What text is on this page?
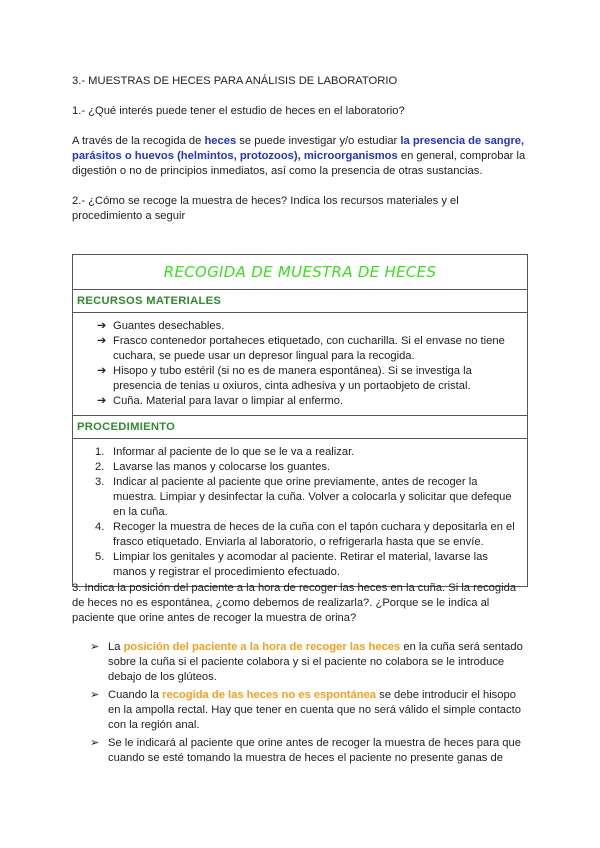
3.- MUESTRAS DE HECES PARA ANÁLISIS DE LABORATORIO

1.- ¿Qué interés puede tener el estudio de heces en el laboratorio?

A través de la recogida de heces se puede investigar y/o estudiar la presencia de sangre, parásitos o huevos (helmintos, protozoos), microorganismos en general, comprobar la digestión o no de principios inmediatos, así como la presencia de otras sustancias.

2.- ¿Cómo se recoge la muestra de heces? Indica los recursos materiales y el procedimiento a seguir

RECOGIDA DE MUESTRA DE HECES
RECURSOS MATERIALES

➔ Guantes desechables.
➔ Frasco contenedor portaheces etiquetado, con cucharilla. Si el envase no tiene cuchara, se puede usar un depresor lingual para la recogida.
➔ Hisopo y tubo estéril (si no es de manera espontánea). Si se investiga la presencia de tenias u oxiuros, cinta adhesiva y un portaobjeto de cristal.
➔ Cuña. Material para lavar o limpiar al enfermo.

PROCEDIMIENTO

1. Informar al paciente de lo que se le va a realizar.
2. Lavarse las manos y colocarse los guantes.
3. Indicar al paciente al paciente que orine previamente, antes de recoger la muestra. Limpiar y desinfectar la cuña. Volver a colocarla y solicitar que defeque en la cuña.
4. Recoger la muestra de heces de la cuña con el tapón cuchara y depositarla en el frasco etiquetado. Enviarla al laboratorio, o refrigerarla hasta que se envíe.
5. Limpiar los genitales y acomodar al paciente. Retirar el material, lavarse las manos y registrar el procedimiento efectuado.

3. Indica la posición del paciente a la hora de recoger las heces en la cuña. Si la recogida de heces no es espontánea, ¿como debemos de realizarla?. ¿Porque se le indica al paciente que orine antes de recoger la muestra de orina?

➢ La posición del paciente a la hora de recoger las heces en la cuña será sentado sobre la cuña si el paciente colabora y si el paciente no colabora se le introduce debajo de los glúteos.
➢ Cuando la recogida de las heces no es espontánea se debe introducir el hisopo en la ampolla rectal. Hay que tener en cuenta que no será válido el simple contacto con la región anal.
➢ Se le indicará al paciente que orine antes de recoger la muestra de heces para que cuando se esté tomando la muestra de heces el paciente no presente ganas de
